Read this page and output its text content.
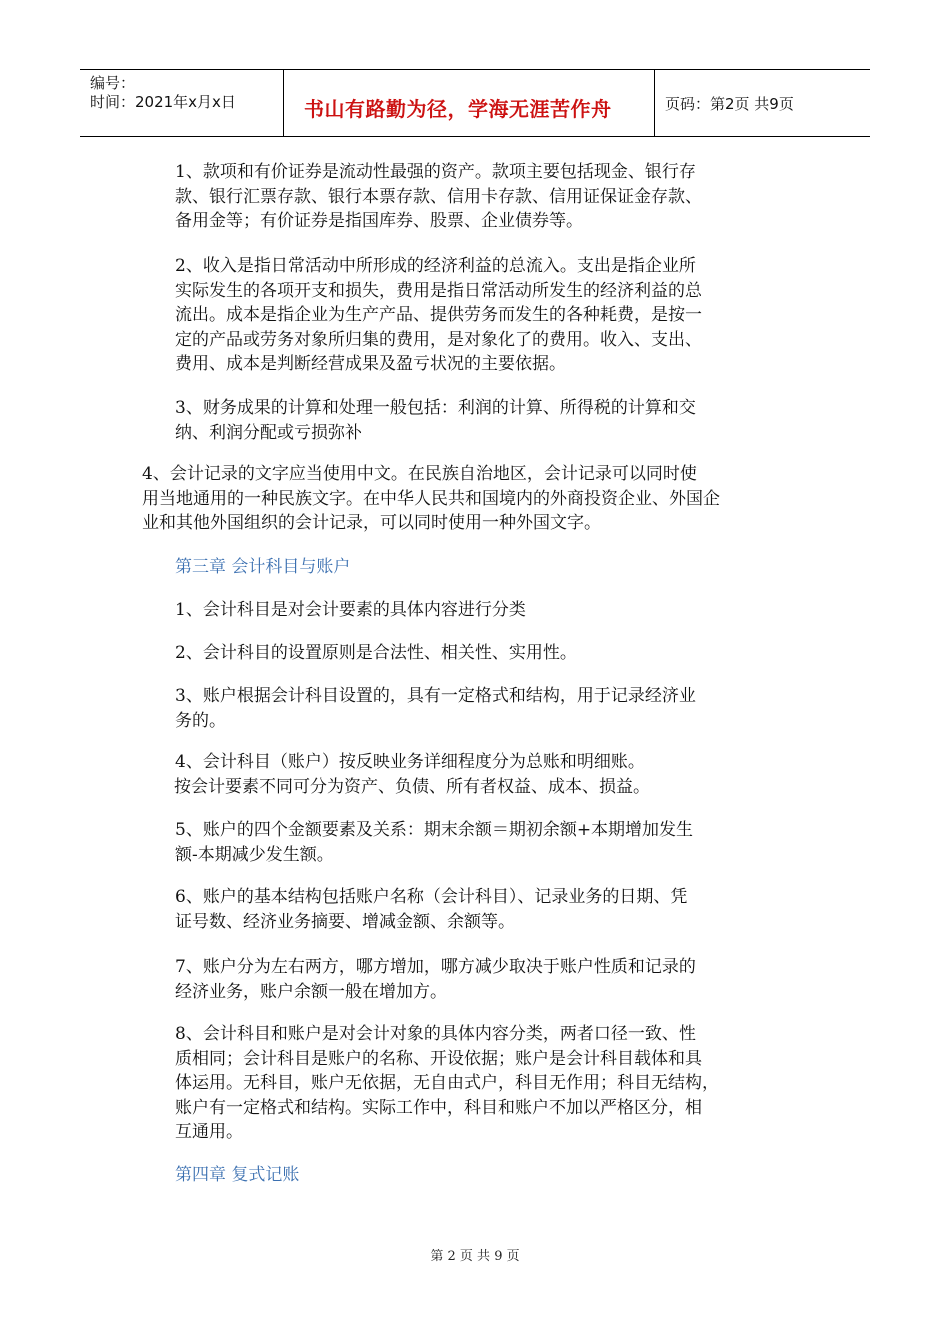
编号：
时间：2021年x月x日	书山有路勤为径，学海无涯苦作舟	页码：第2页 共9页
1、款项和有价证券是流动性最强的资产。款项主要包括现金、银行存
款、银行汇票存款、银行本票存款、信用卡存款、信用证保证金存款、
备用金等；有价证券是指国库券、股票、企业债券等。
2、收入是指日常活动中所形成的经济利益的总流入。支出是指企业所
实际发生的各项开支和损失，费用是指日常活动所发生的经济利益的总
流出。成本是指企业为生产产品、提供劳务而发生的各种耗费，是按一
定的产品或劳务对象所归集的费用，是对象化了的费用。收入、支出、
费用、成本是判断经营成果及盈亏状况的主要依据。
3、财务成果的计算和处理一般包括：利润的计算、所得税的计算和交
纳、利润分配或亏损弥补
4、会计记录的文字应当使用中文。在民族自治地区，会计记录可以同时使
用当地通用的一种民族文字。在中华人民共和国境内的外商投资企业、外国企
业和其他外国组织的会计记录，可以同时使用一种外国文字。
第三章 会计科目与账户
1、会计科目是对会计要素的具体内容进行分类
2、会计科目的设置原则是合法性、相关性、实用性。
3、账户根据会计科目设置的，具有一定格式和结构，用于记录经济业
务的。
4、会计科目（账户）按反映业务详细程度分为总账和明细账。
按会计要素不同可分为资产、负债、所有者权益、成本、损益。
5、账户的四个金额要素及关系：期末余额＝期初余额+本期增加发生
额-本期减少发生额。
6、账户的基本结构包括账户名称（会计科目）、记录业务的日期、凭
证号数、经济业务摘要、增减金额、余额等。
7、账户分为左右两方，哪方增加，哪方减少取决于账户性质和记录的
经济业务，账户余额一般在增加方。
8、会计科目和账户是对会计对象的具体内容分类，两者口径一致、性
质相同；会计科目是账户的名称、开设依据；账户是会计科目载体和具
体运用。无科目，账户无依据，无自由式户，科目无作用；科目无结构，
账户有一定格式和结构。实际工作中，科目和账户不加以严格区分，相
互通用。
第四章 复式记账
第 2 页 共 9 页
